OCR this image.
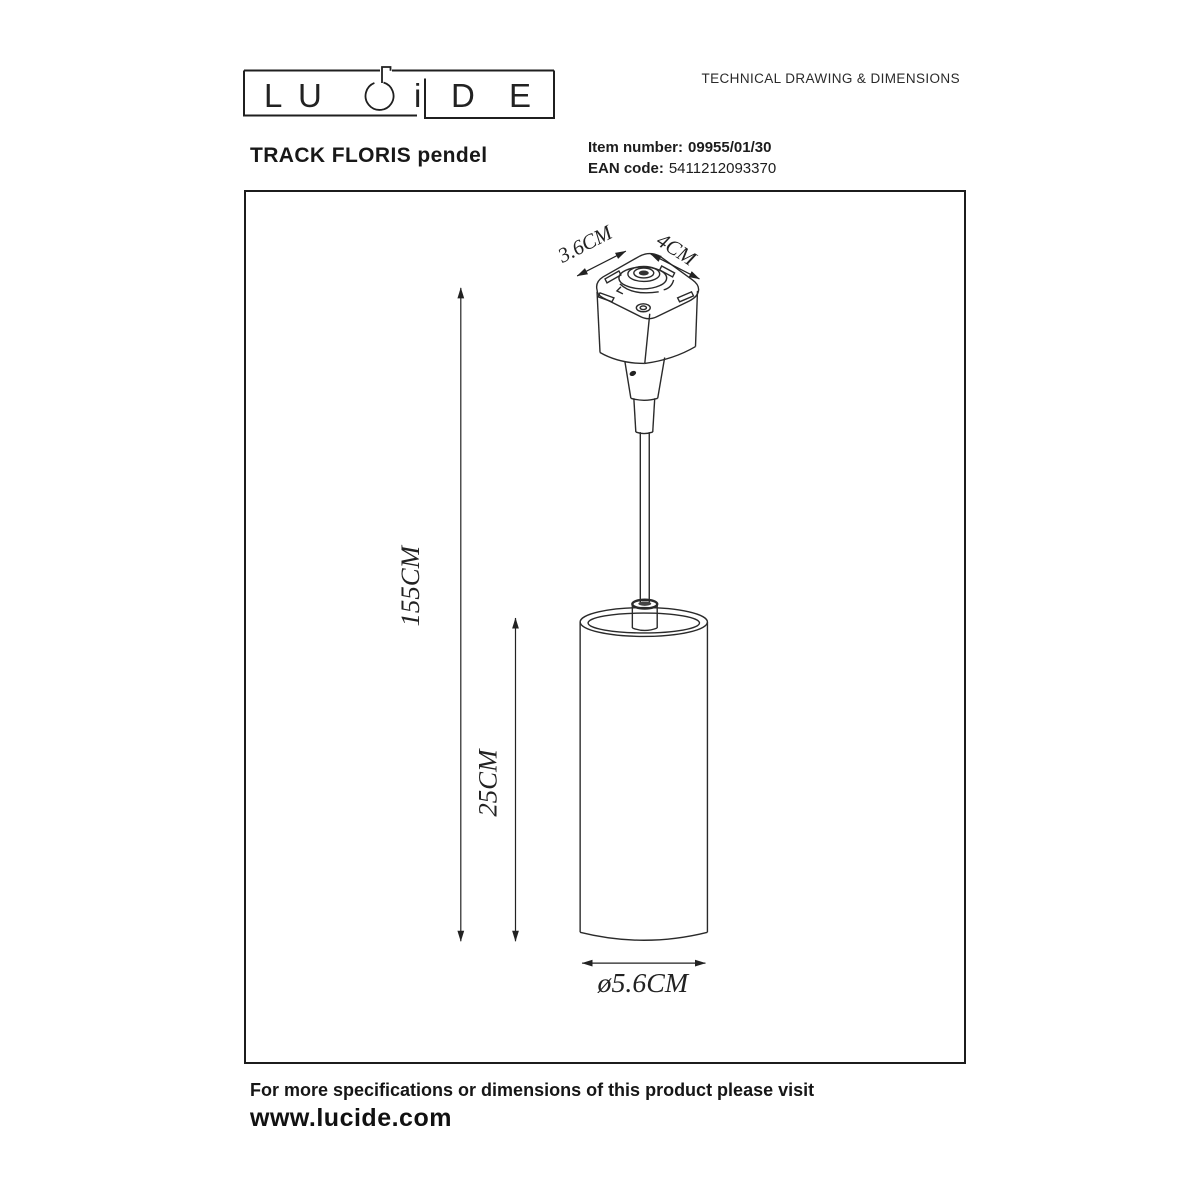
L U	i D E	TECHNICAL DRAWING & DIMENSIONS
TRACK FLORIS pendel	Item number: 09955/01/30
EAN code: 5411212093370
155CM
25CM
ø5.6CM
3.6CM 4CM
For more specifications or dimensions of this product please visit
www.lucide.com
